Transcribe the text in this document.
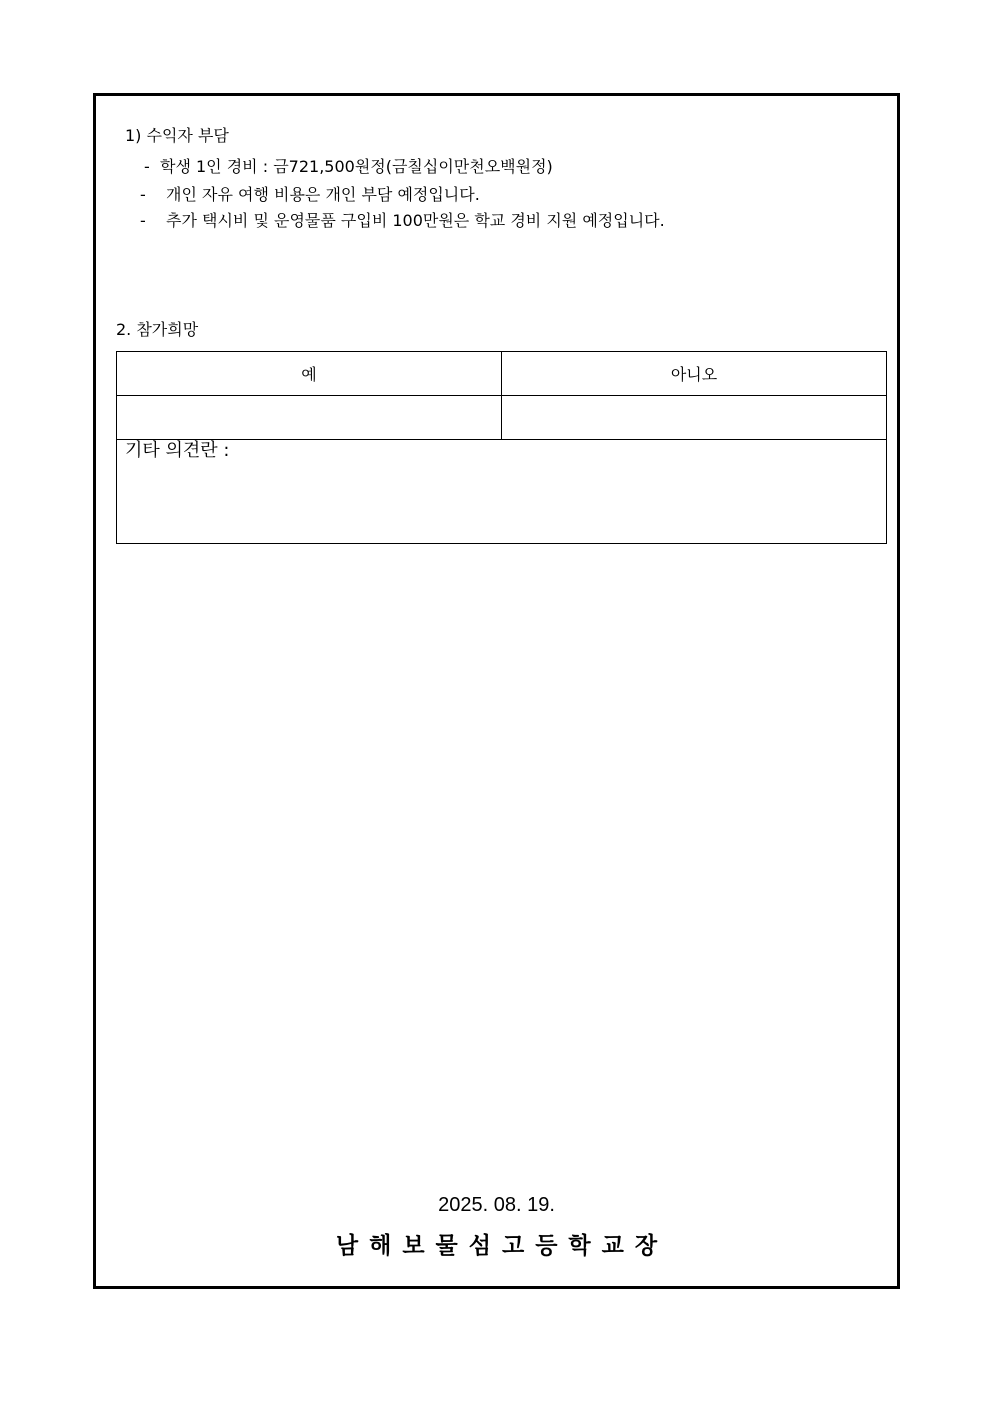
1) 수익자 부담
- 학생 1인 경비 : 금721,500원정(금칠십이만천오백원정)
- 개인 자유 여행 비용은 개인 부담 예정입니다.
- 추가 택시비 및 운영물품 구입비 100만원은 학교 경비 지원 예정입니다.
2. 참가희망
예	아니오

기타 의견란 :	
2025. 08. 19.
남해보물섬고등학교장
